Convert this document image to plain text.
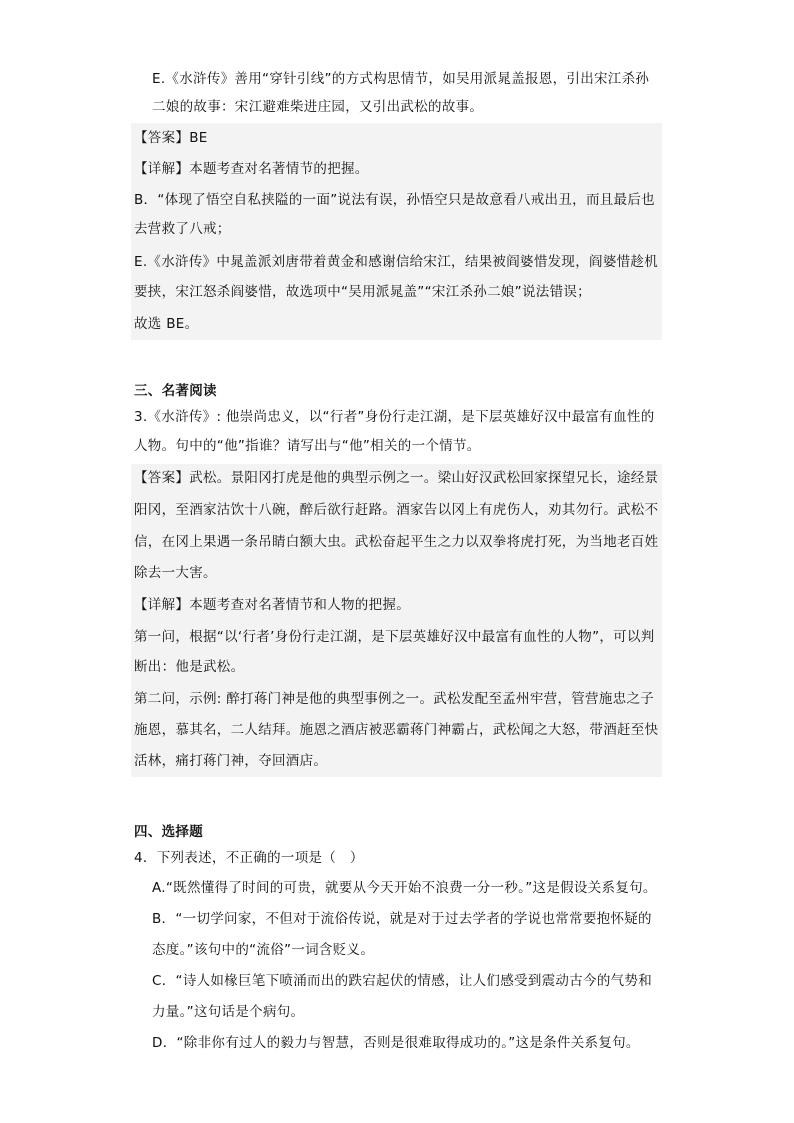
E.《水浒传》善用“穿针引线”的方式构思情节，如吴用派晁盖报恩，引出宋江杀孙
二娘的故事：宋江避难柴进庄园，又引出武松的故事。
【答案】BE
【详解】本题考查对名著情节的把握。
B．“体现了悟空自私挟隘的一面”说法有误，孙悟空只是故意看八戒出丑，而且最后也
去营救了八戒；
E.《水浒传》中晁盖派刘唐带着黄金和感谢信给宋江，结果被阎婆惜发现，阎婆惜趁机
要挟，宋江怒杀阎婆惜，故选项中“吴用派晁盖”“宋江杀孙二娘”说法错误；
故选 BE。
三、名著阅读
3.《水浒传》: 他崇尚忠义，以“行者”身份行走江湖，是下层英雄好汉中最富有血性的
人物。句中的“他”指谁？请写出与“他”相关的一个情节。
【答案】武松。景阳冈打虎是他的典型示例之一。梁山好汉武松回家探望兄长，途经景
阳冈，至酒家沽饮十八碗，醉后欲行赶路。酒家告以冈上有虎伤人，劝其勿行。武松不
信，在冈上果遇一条吊睛白额大虫。武松奋起平生之力以双拳将虎打死，为当地老百姓
除去一大害。
【详解】本题考查对名著情节和人物的把握。
第一问，根据“以‘行者’身份行走江湖，是下层英雄好汉中最富有血性的人物”，可以判
断出：他是武松。
第二问，示例: 醉打蒋门神是他的典型事例之一。武松发配至孟州牢营，管营施忠之子
施恩，慕其名，二人结拜。施恩之酒店被恶霸蒋门神霸占，武松闻之大怒，带酒赶至快
活林，痛打蒋门神，夺回酒店。
四、选择题
4．下列表述，不正确的一项是（　）
A.“既然懂得了时间的可贵，就要从今天开始不浪费一分一秒。”这是假设关系复句。
B．“一切学问家，不但对于流俗传说，就是对于过去学者的学说也常常要抱怀疑的
态度。”该句中的“流俗”一词含贬义。
C．“诗人如椽巨笔下喷涌而出的跌宕起伏的情感，让人们感受到震动古今的气势和
力量。”这句话是个病句。
D．“除非你有过人的毅力与智慧，否则是很难取得成功的。”这是条件关系复句。
